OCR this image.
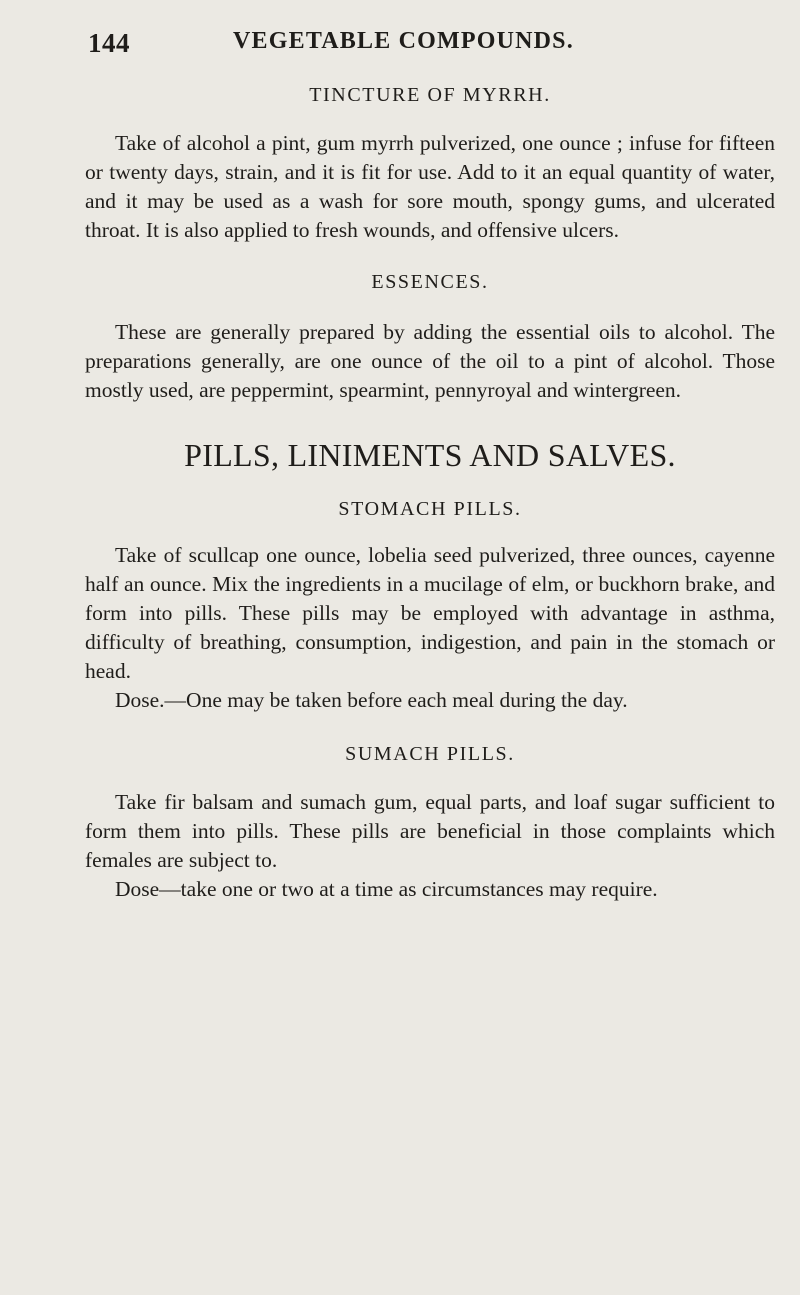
144	VEGETABLE COMPOUNDS.

TINCTURE OF MYRRH.

Take of alcohol a pint, gum myrrh pulverized, one ounce ; infuse for fifteen or twenty days, strain, and it is fit for use. Add to it an equal quantity of water, and it may be used as a wash for sore mouth, spongy gums, and ulcerated throat. It is also applied to fresh wounds, and offensive ulcers.

ESSENCES.

These are generally prepared by adding the essential oils to alcohol. The preparations generally, are one ounce of the oil to a pint of alcohol. Those mostly used, are peppermint, spearmint, pennyroyal and wintergreen.

PILLS, LINIMENTS AND SALVES.

STOMACH PILLS.

Take of scullcap one ounce, lobelia seed pulverized, three ounces, cayenne half an ounce. Mix the ingredients in a mucilage of elm, or buckhorn brake, and form into pills. These pills may be employed with advantage in asthma, difficulty of breathing, consumption, indigestion, and pain in the stomach or head.

Dose.—One may be taken before each meal during the day.

SUMACH PILLS.

Take fir balsam and sumach gum, equal parts, and loaf sugar sufficient to form them into pills. These pills are beneficial in those complaints which females are subject to.

Dose—take one or two at a time as circumstances may require.
